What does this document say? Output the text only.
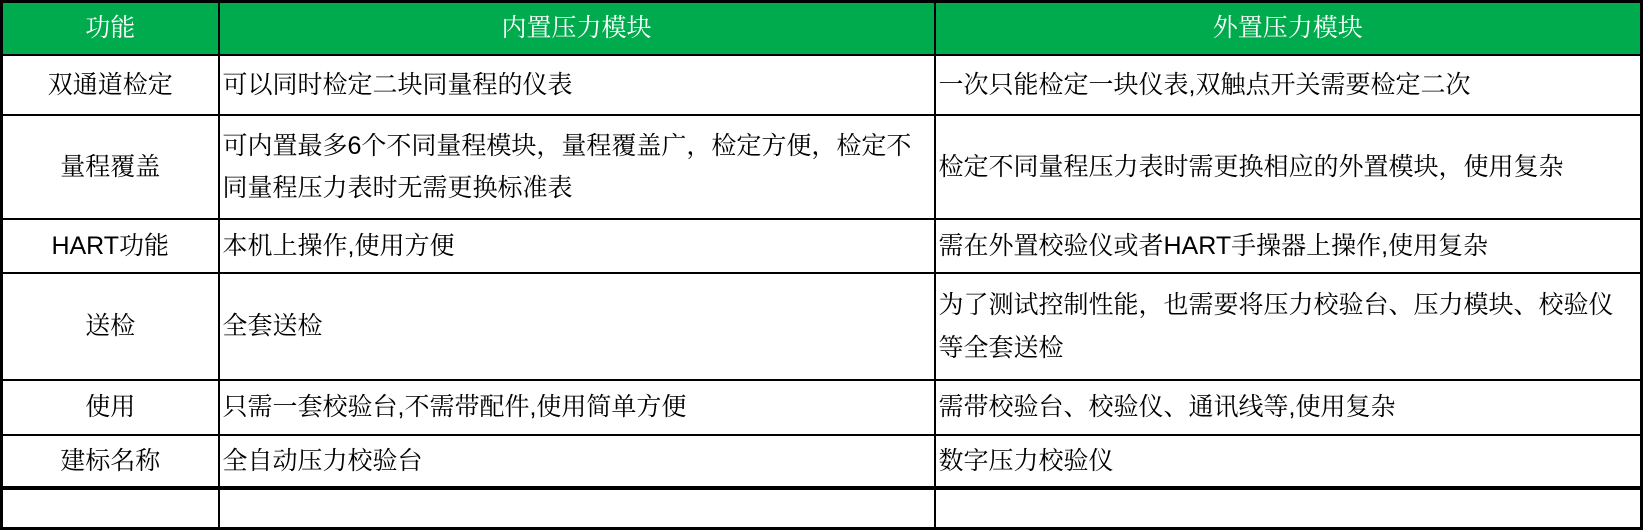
功能	内置压力模块	外置压力模块
双通道检定	可以同时检定二块同量程的仪表	一次只能检定一块仪表,双触点开关需要检定二次
量程覆盖	可内置最多6个不同量程模块，量程覆盖广，检定方便，检定不同量程压力表时无需更换标准表	检定不同量程压力表时需更换相应的外置模块，使用复杂
HART功能	本机上操作,使用方便	需在外置校验仪或者HART手操器上操作,使用复杂
送检	全套送检	为了测试控制性能，也需要将压力校验台、压力模块、校验仪等全套送检
使用	只需一套校验台,不需带配件,使用简单方便	需带校验台、校验仪、通讯线等,使用复杂
建标名称	全自动压力校验台	数字压力校验仪
